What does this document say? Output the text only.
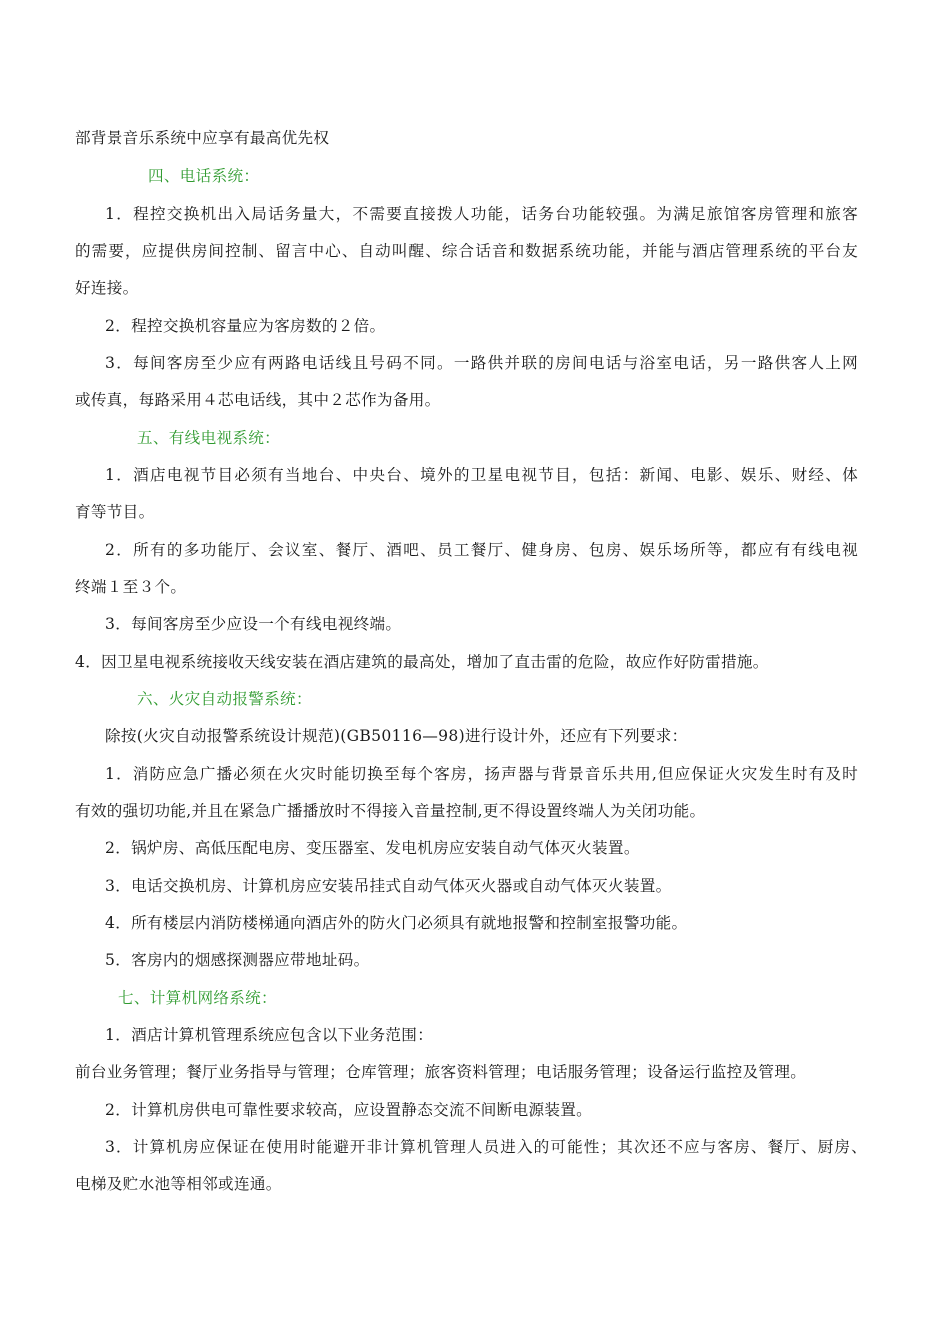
部背景音乐系统中应享有最高优先权
四、电话系统：
1．程控交换机出入局话务量大，不需要直接拨人功能，话务台功能较强。为满足旅馆客房管理和旅客
的需要，应提供房间控制、留言中心、自动叫醒、综合话音和数据系统功能，并能与酒店管理系统的平台友
好连接。
2．程控交换机容量应为客房数的２倍。
3．每间客房至少应有两路电话线且号码不同。一路供并联的房间电话与浴室电话，另一路供客人上网
或传真，每路采用４芯电话线，其中２芯作为备用。
五、有线电视系统：
1．酒店电视节目必须有当地台、中央台、境外的卫星电视节目，包括：新闻、电影、娱乐、财经、体
育等节目。
2．所有的多功能厅、会议室、餐厅、酒吧、员工餐厅、健身房、包房、娱乐场所等，都应有有线电视
终端１至３个。
3．每间客房至少应设一个有线电视终端。
4．因卫星电视系统接收天线安装在酒店建筑的最高处，增加了直击雷的危险，故应作好防雷措施。
六、火灾自动报警系统：
除按(火灾自动报警系统设计规范)(GB50116—98)进行设计外，还应有下列要求：
1．消防应急广播必须在火灾时能切换至每个客房，扬声器与背景音乐共用,但应保证火灾发生时有及时
有效的强切功能,并且在紧急广播播放时不得接入音量控制,更不得设置终端人为关闭功能。
2．锅炉房、高低压配电房、变压器室、发电机房应安装自动气体灭火装置。
3．电话交换机房、计算机房应安装吊挂式自动气体灭火器或自动气体灭火装置。
4．所有楼层内消防楼梯通向酒店外的防火门必须具有就地报警和控制室报警功能。
5．客房内的烟感探测器应带地址码。
七、计算机网络系统：
1．酒店计算机管理系统应包含以下业务范围：
前台业务管理；餐厅业务指导与管理；仓库管理；旅客资料管理；电话服务管理；设备运行监控及管理。
2．计算机房供电可靠性要求较高，应设置静态交流不间断电源装置。
3．计算机房应保证在使用时能避开非计算机管理人员进入的可能性；其次还不应与客房、餐厅、厨房、
电梯及贮水池等相邻或连通。
